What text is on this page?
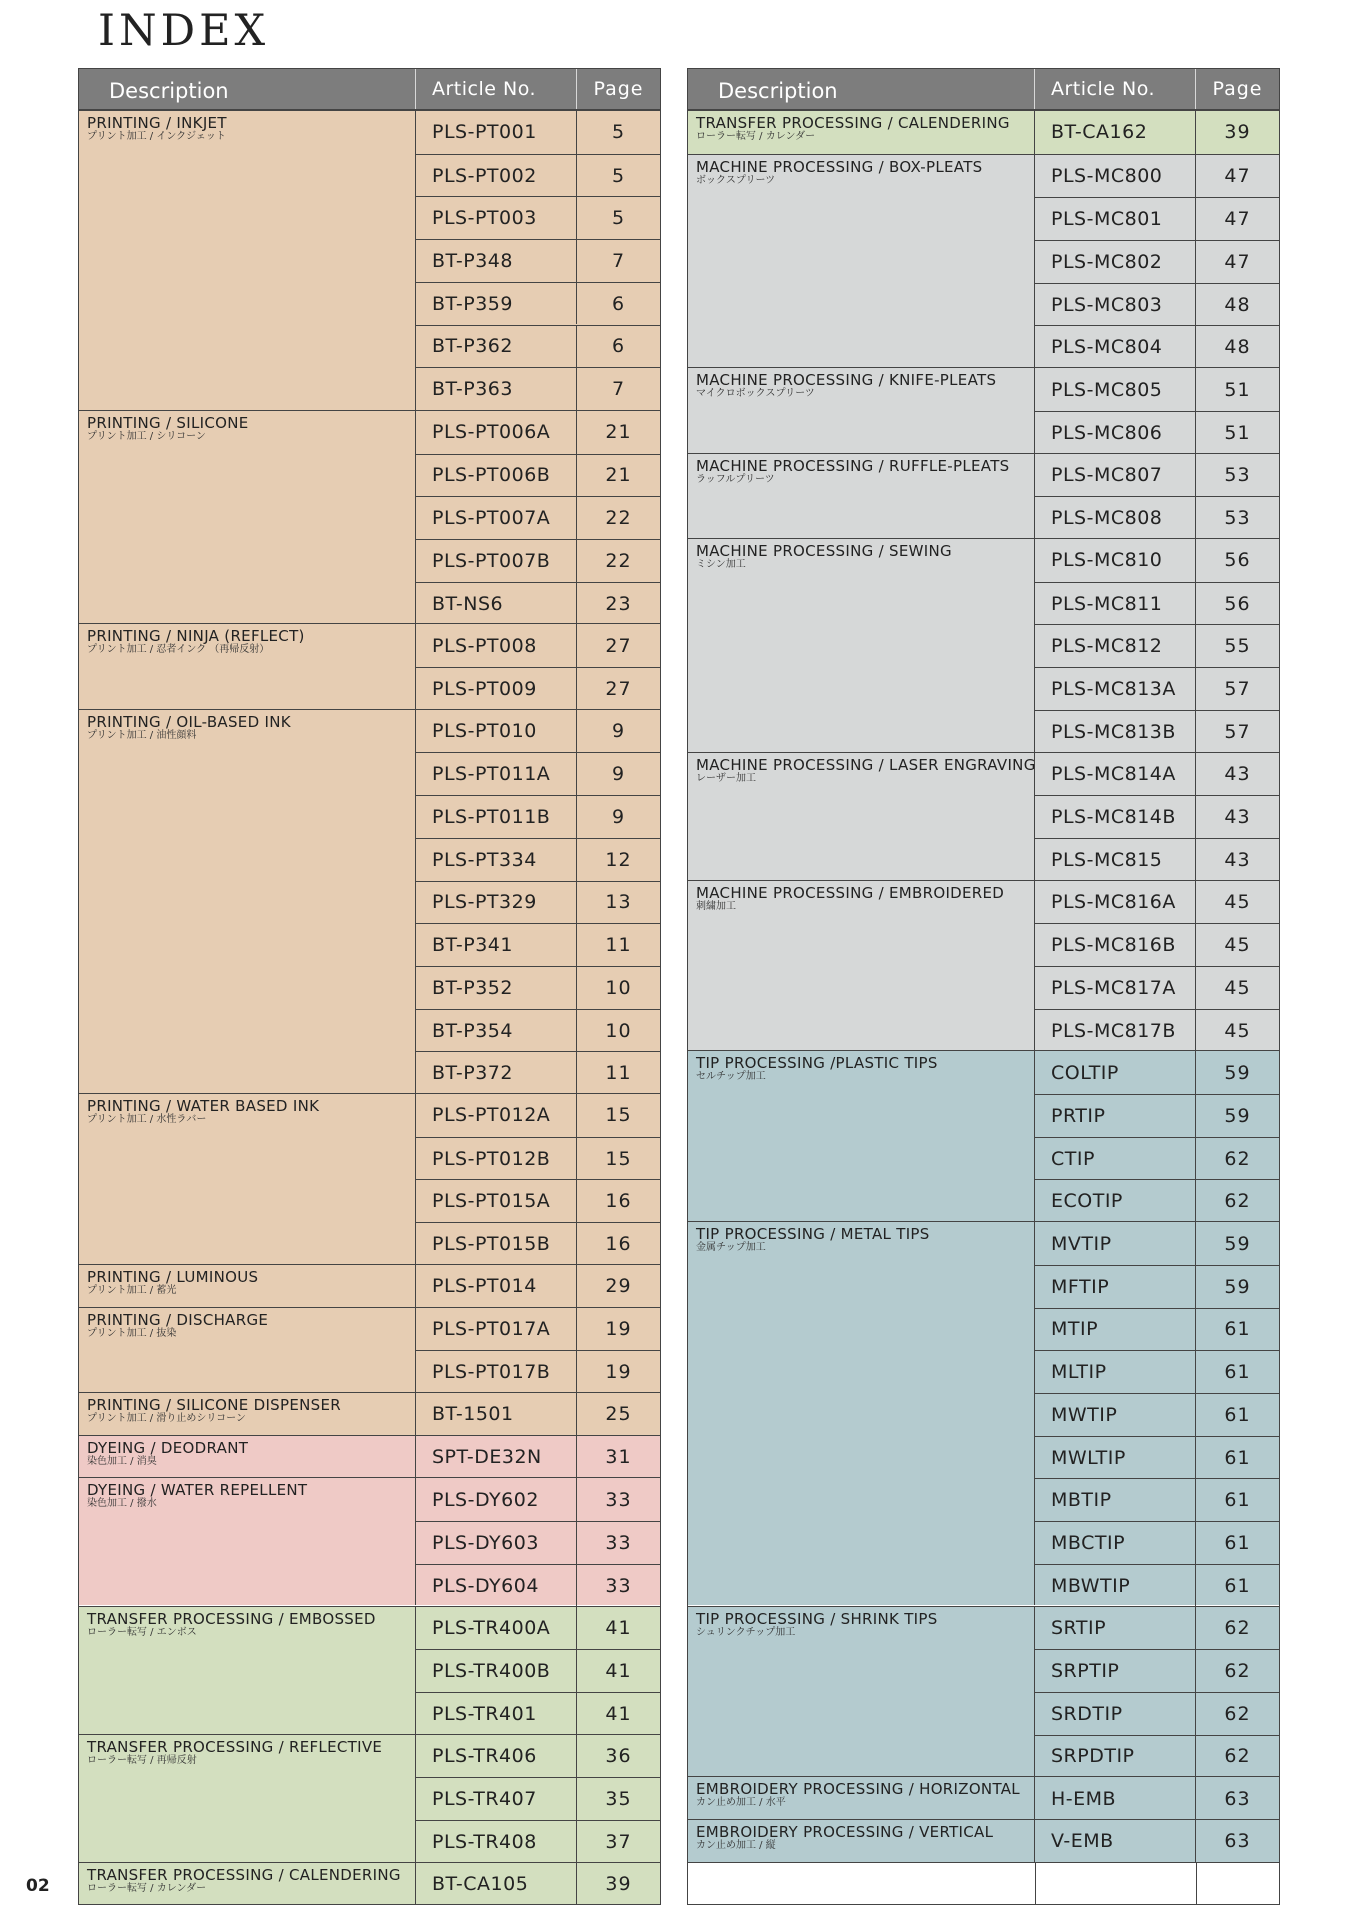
INDEX
Description	Article No.	Page
PRINTING / INKJET
プリント加工 / インクジェット	PLS-PT001	5
PLS-PT002	5
PLS-PT003	5
BT-P348	7
BT-P359	6
BT-P362	6
BT-P363	7
PRINTING / SILICONE
プリント加工 / シリコーン	PLS-PT006A	21
PLS-PT006B	21
PLS-PT007A	22
PLS-PT007B	22
BT-NS6	23
PRINTING / NINJA (REFLECT)
プリント加工 / 忍者インク （再帰反射）	PLS-PT008	27
PLS-PT009	27
PRINTING / OIL-BASED INK
プリント加工 / 油性顔料	PLS-PT010	9
PLS-PT011A	9
PLS-PT011B	9
PLS-PT334	12
PLS-PT329	13
BT-P341	11
BT-P352	10
BT-P354	10
BT-P372	11
PRINTING / WATER BASED INK
プリント加工 / 水性ラバー	PLS-PT012A	15
PLS-PT012B	15
PLS-PT015A	16
PLS-PT015B	16
PRINTING / LUMINOUS
プリント加工 / 蓄光	PLS-PT014	29
PRINTING / DISCHARGE
プリント加工 / 抜染	PLS-PT017A	19
PLS-PT017B	19
PRINTING / SILICONE DISPENSER
プリント加工 / 滑り止めシリコーン	BT-1501	25
DYEING / DEODRANT
染色加工 / 消臭	SPT-DE32N	31
DYEING / WATER REPELLENT
染色加工 / 撥水	PLS-DY602	33
PLS-DY603	33
PLS-DY604	33
TRANSFER PROCESSING / EMBOSSED
ローラー転写 / エンボス	PLS-TR400A	41
PLS-TR400B	41
PLS-TR401	41
TRANSFER PROCESSING / REFLECTIVE
ローラー転写 / 再帰反射	PLS-TR406	36
PLS-TR407	35
PLS-TR408	37
TRANSFER PROCESSING / CALENDERING
ローラー転写 / カレンダー	BT-CA105	39
Description	Article No.	Page
TRANSFER PROCESSING / CALENDERING
ローラー転写 / カレンダー	BT-CA162	39
MACHINE PROCESSING / BOX-PLEATS
ボックスプリーツ	PLS-MC800	47
PLS-MC801	47
PLS-MC802	47
PLS-MC803	48
PLS-MC804	48
MACHINE PROCESSING / KNIFE-PLEATS
マイクロボックスプリーツ	PLS-MC805	51
PLS-MC806	51
MACHINE PROCESSING / RUFFLE-PLEATS
ラッフルプリーツ	PLS-MC807	53
PLS-MC808	53
MACHINE PROCESSING / SEWING
ミシン加工	PLS-MC810	56
PLS-MC811	56
PLS-MC812	55
PLS-MC813A	57
PLS-MC813B	57
MACHINE PROCESSING / LASER ENGRAVING
レーザー加工	PLS-MC814A	43
PLS-MC814B	43
PLS-MC815	43
MACHINE PROCESSING / EMBROIDERED
刺繍加工	PLS-MC816A	45
PLS-MC816B	45
PLS-MC817A	45
PLS-MC817B	45
TIP PROCESSING /PLASTIC TIPS
セルチップ加工	COLTIP	59
PRTIP	59
CTIP	62
ECOTIP	62
TIP PROCESSING / METAL TIPS
金属チップ加工	MVTIP	59
MFTIP	59
MTIP	61
MLTIP	61
MWTIP	61
MWLTIP	61
MBTIP	61
MBCTIP	61
MBWTIP	61
TIP PROCESSING / SHRINK TIPS
シュリンクチップ加工	SRTIP	62
SRPTIP	62
SRDTIP	62
SRPDTIP	62
EMBROIDERY PROCESSING / HORIZONTAL
カン止め加工 / 水平	H-EMB	63
EMBROIDERY PROCESSING / VERTICAL
カン止め加工 / 縦	V-EMB	63
02
